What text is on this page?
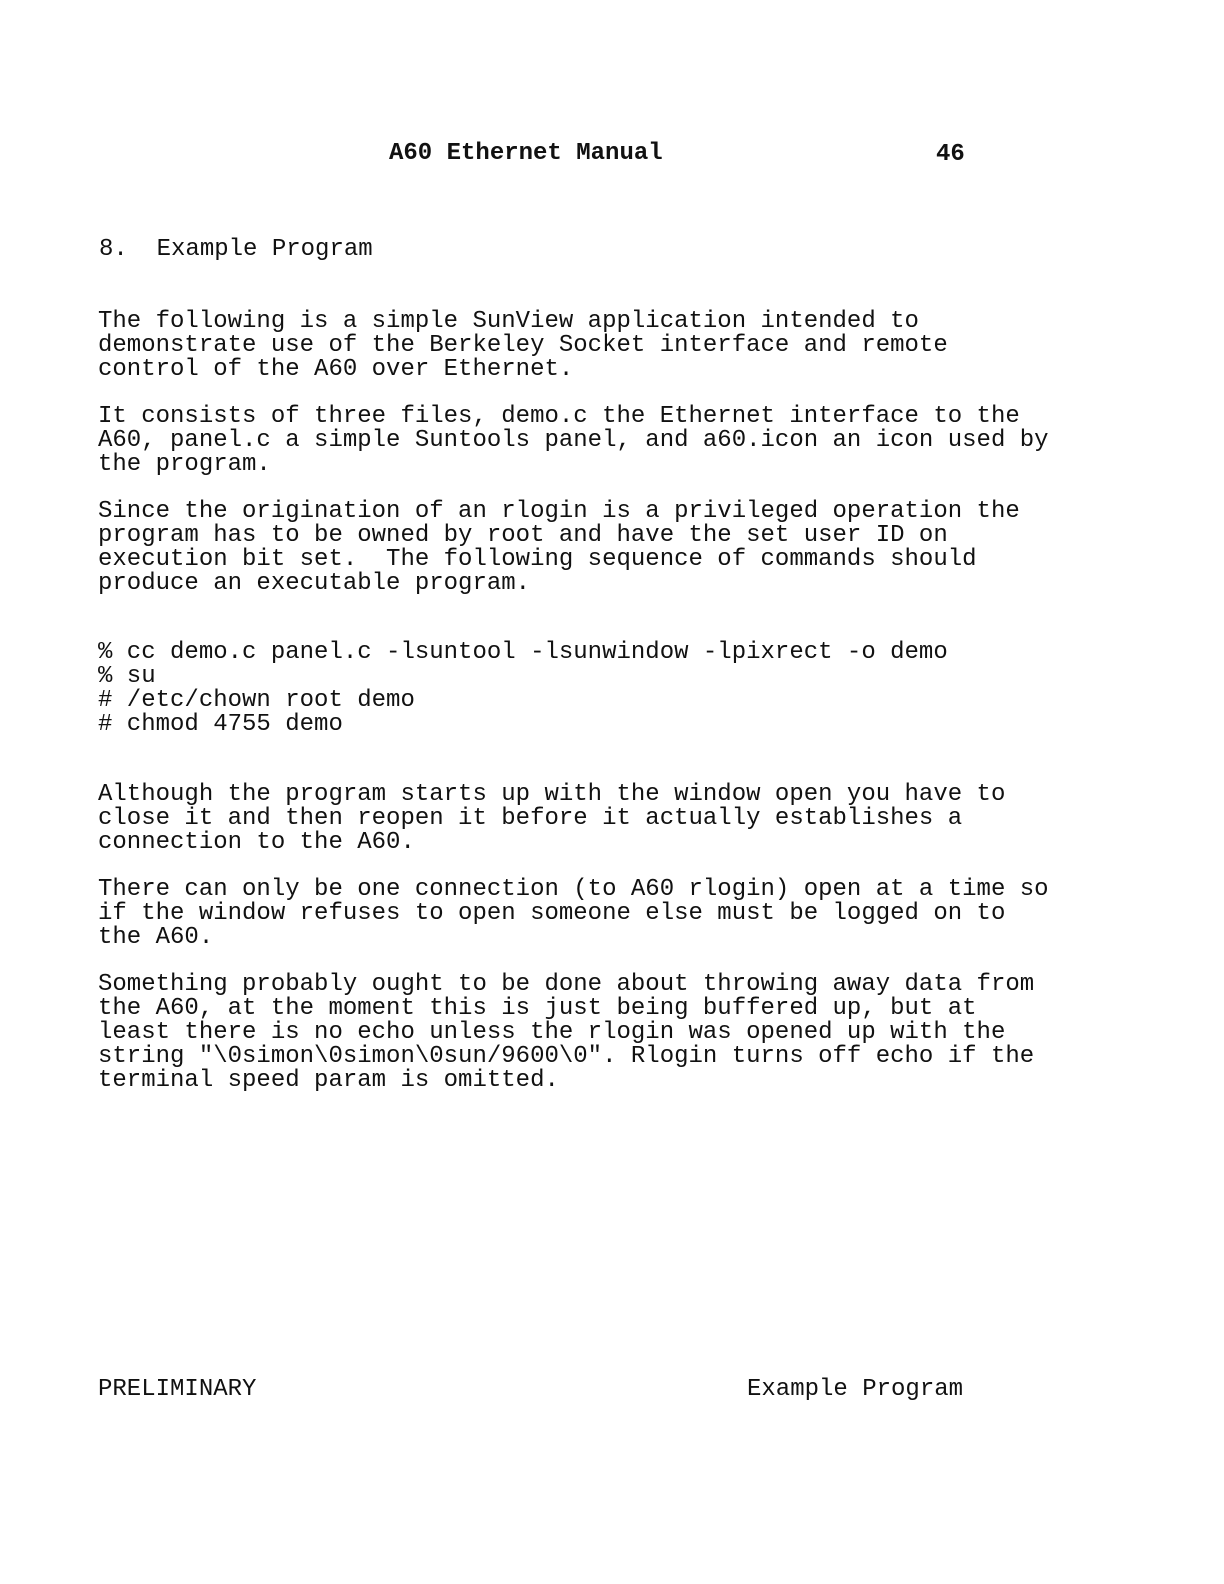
A60 Ethernet Manual	46
8.  Example Program
The following is a simple SunView application intended to
demonstrate use of the Berkeley Socket interface and remote
control of the A60 over Ethernet.
It consists of three files, demo.c the Ethernet interface to the
A60, panel.c a simple Suntools panel, and a60.icon an icon used by
the program.
Since the origination of an rlogin is a privileged operation the
program has to be owned by root and have the set user ID on
execution bit set.  The following sequence of commands should
produce an executable program.
% cc demo.c panel.c -lsuntool -lsunwindow -lpixrect -o demo
% su
# /etc/chown root demo
# chmod 4755 demo
Although the program starts up with the window open you have to
close it and then reopen it before it actually establishes a
connection to the A60.
There can only be one connection (to A60 rlogin) open at a time so
if the window refuses to open someone else must be logged on to
the A60.
Something probably ought to be done about throwing away data from
the A60, at the moment this is just being buffered up, but at
least there is no echo unless the rlogin was opened up with the
string "\0simon\0simon\0sun/9600\0". Rlogin turns off echo if the
terminal speed param is omitted.
PRELIMINARY	Example Program
